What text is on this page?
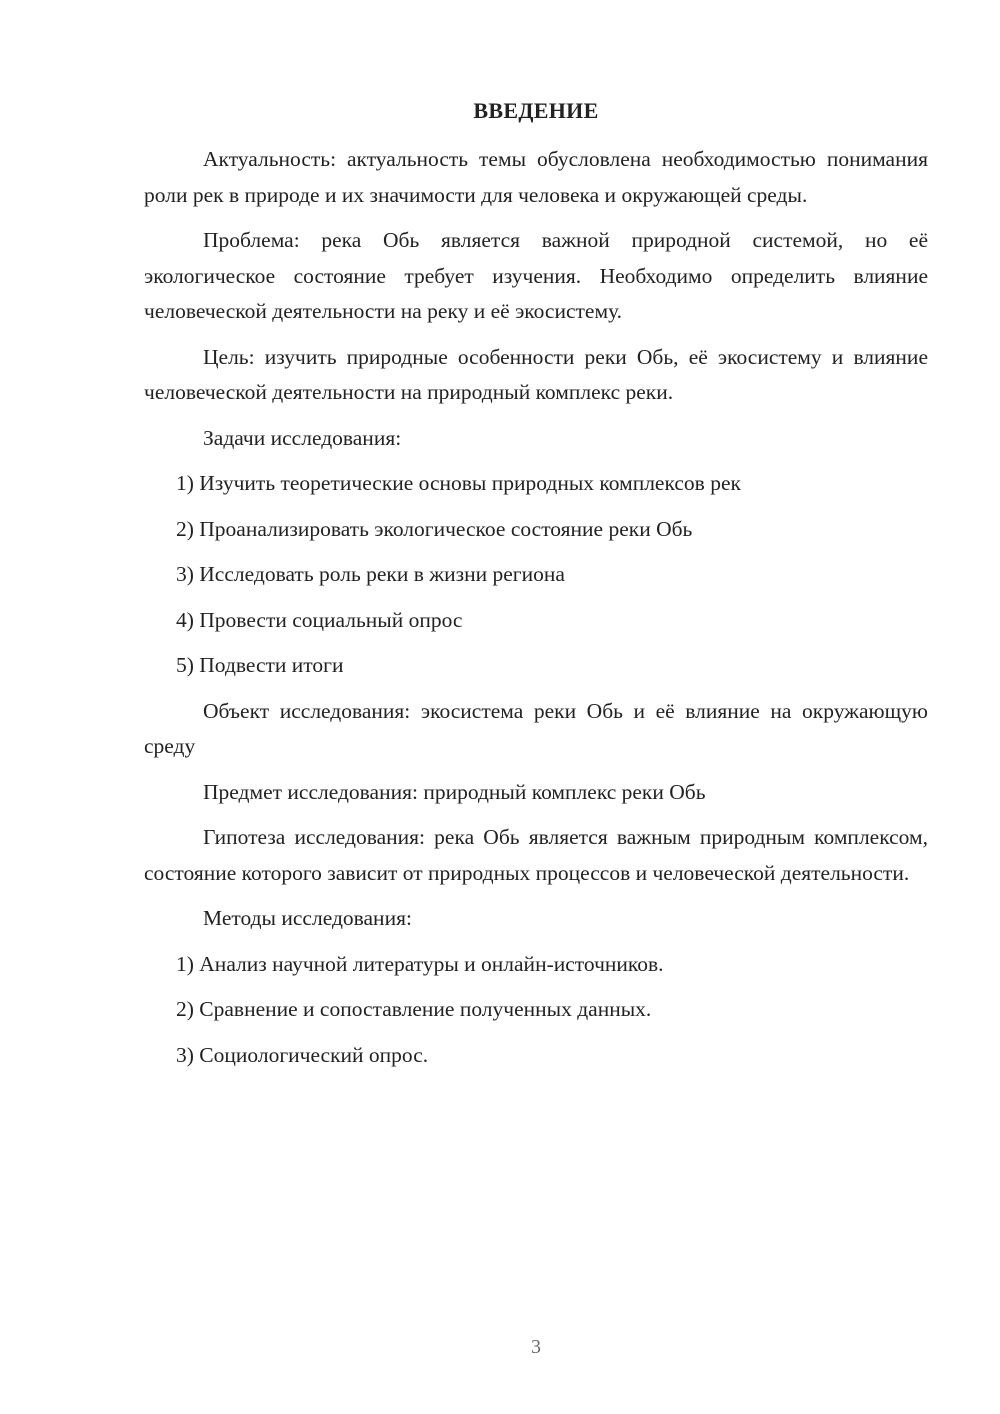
ВВЕДЕНИЕ

Актуальность: актуальность темы обусловлена необходимостью понимания роли рек в природе и их значимости для человека и окружающей среды.

Проблема: река Обь является важной природной системой, но её экологическое состояние требует изучения. Необходимо определить влияние человеческой деятельности на реку и её экосистему.

Цель: изучить природные особенности реки Обь, её экосистему и влияние человеческой деятельности на природный комплекс реки.

Задачи исследования:

1) Изучить теоретические основы природных комплексов рек

2) Проанализировать экологическое состояние реки Обь

3) Исследовать роль реки в жизни региона

4) Провести социальный опрос

5) Подвести итоги

Объект исследования: экосистема реки Обь и её влияние на окружающую среду

Предмет исследования: природный комплекс реки Обь

Гипотеза исследования: река Обь является важным природным комплексом, состояние которого зависит от природных процессов и человеческой деятельности.

Методы исследования:

1) Анализ научной литературы и онлайн-источников.

2) Сравнение и сопоставление полученных данных.

3) Социологический опрос.

3
